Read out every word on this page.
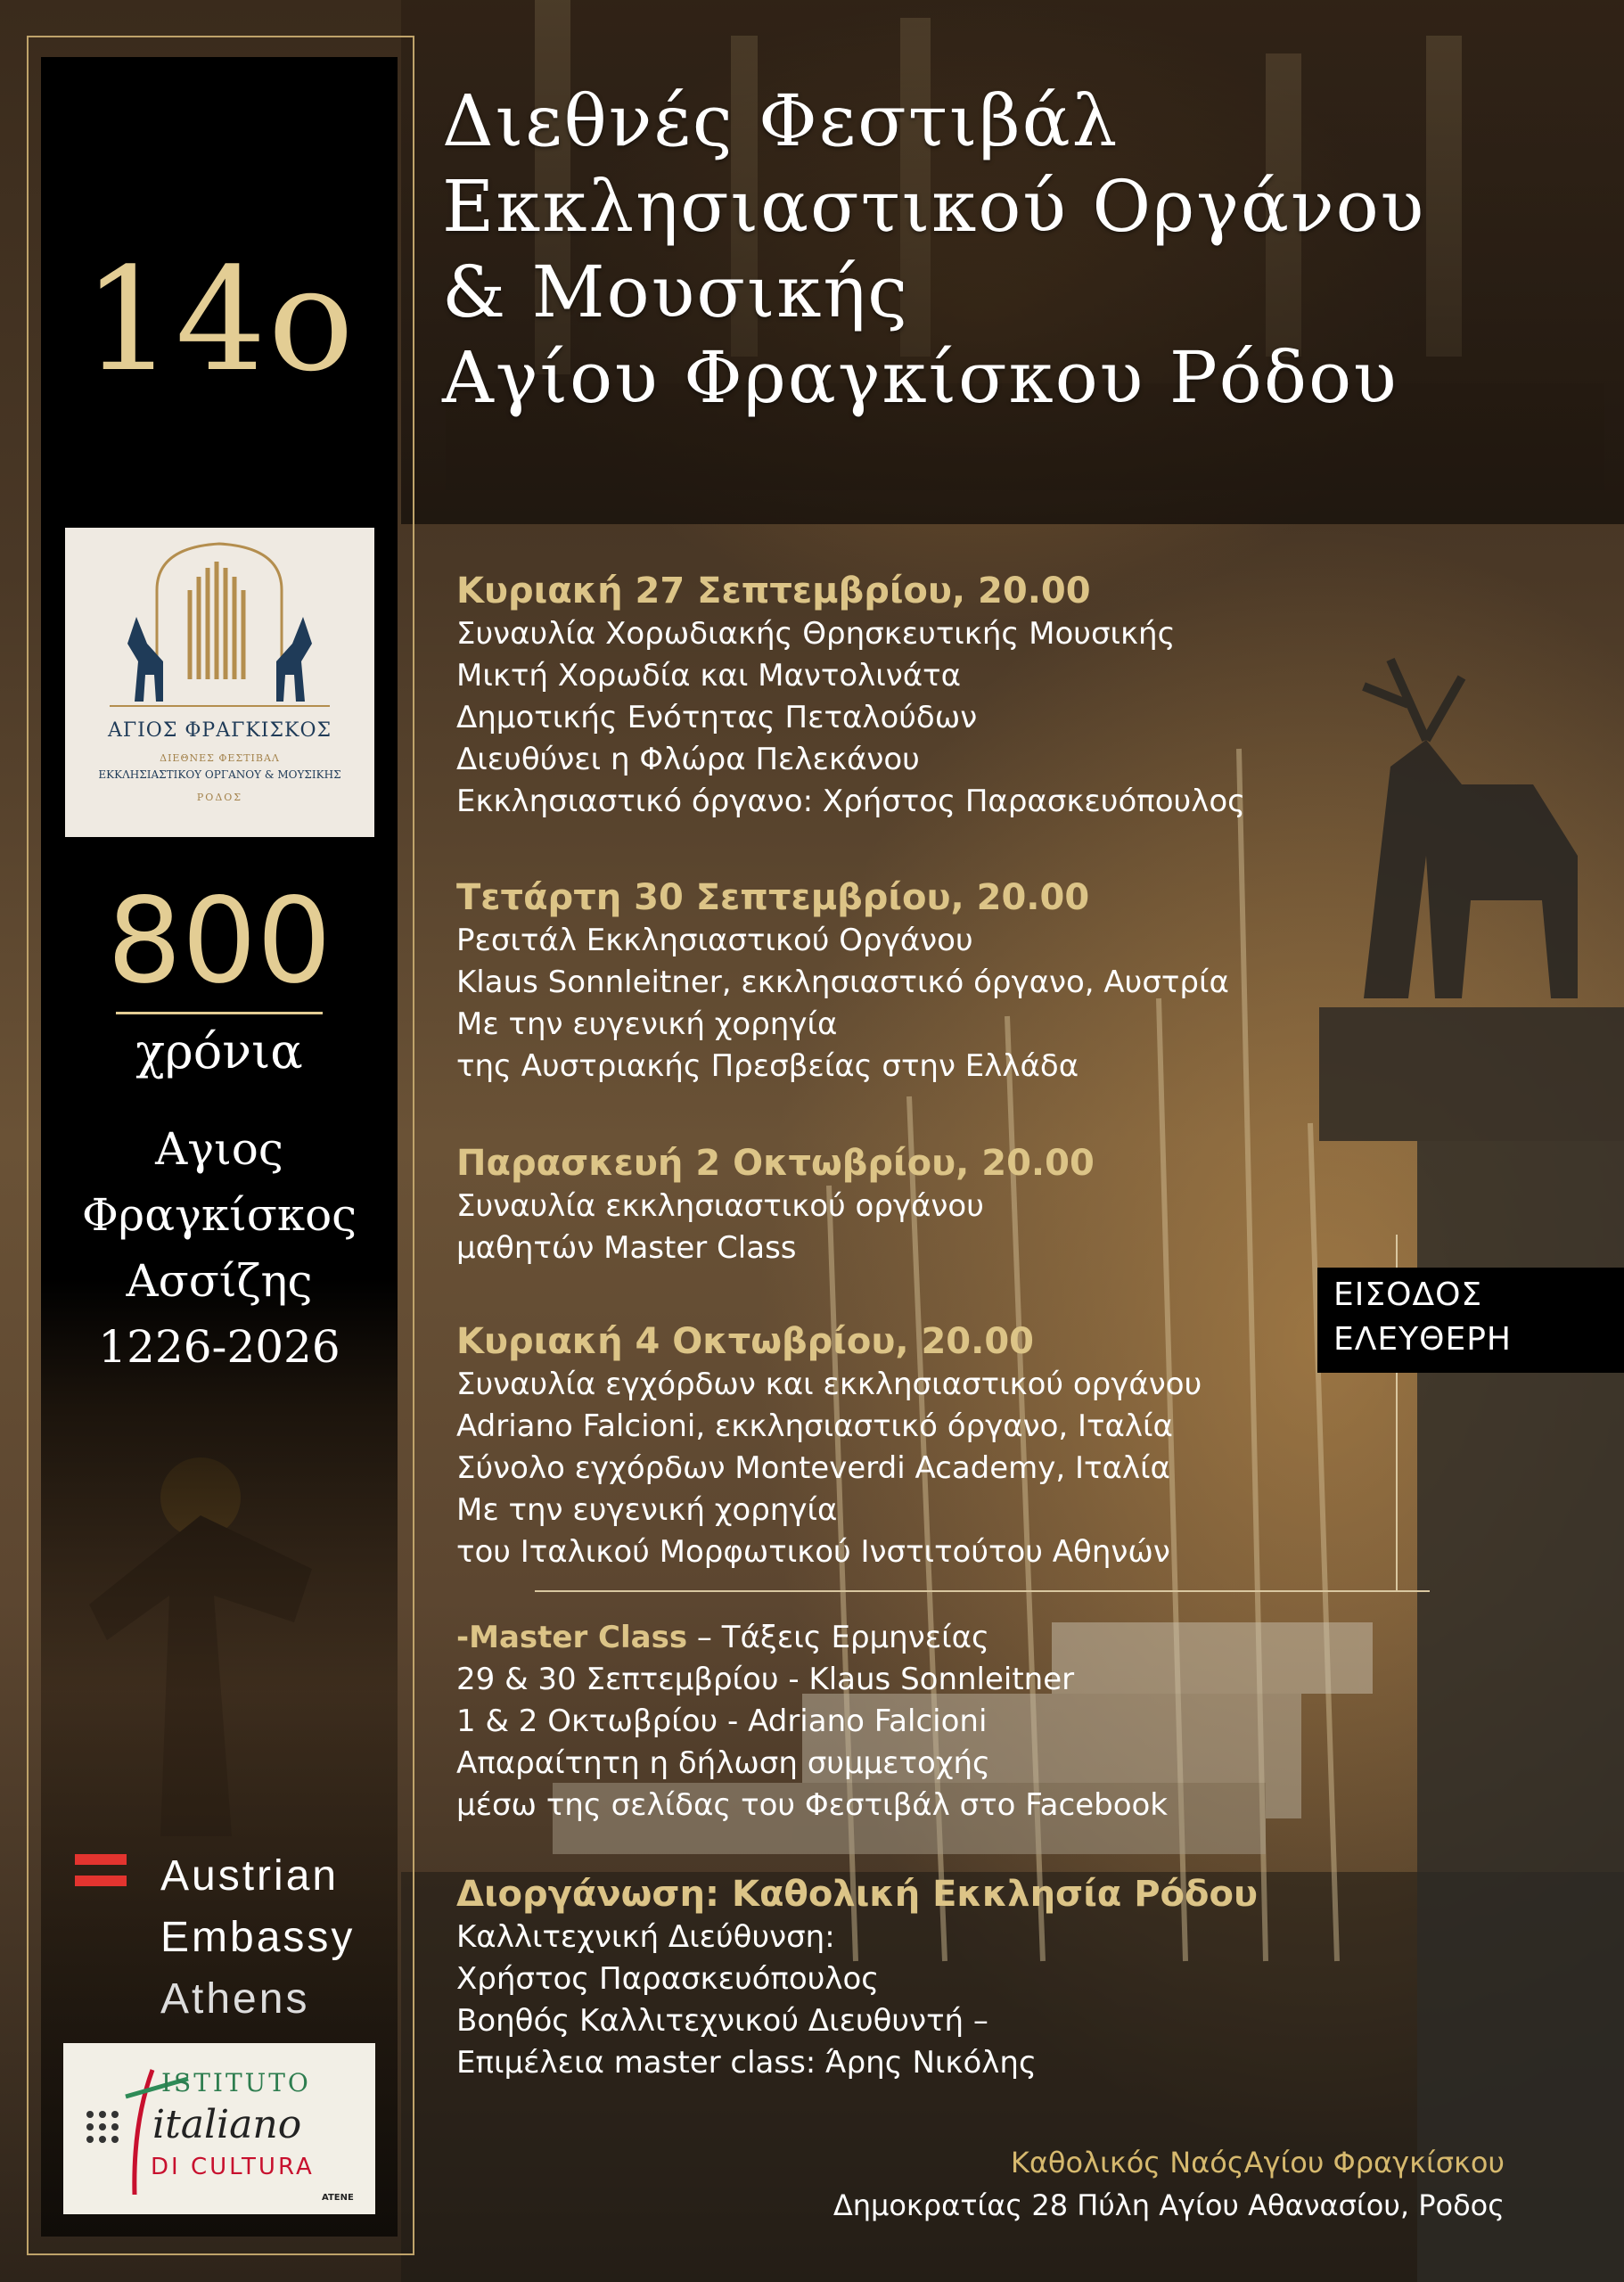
14ο
ΑΓΙΟΣ ΦΡΑΓΚΙΣΚΟΣ
ΔΙΕΘΝΕΣ ΦΕΣΤΙΒΑΛ
ΕΚΚΛΗΣΙΑΣΤΙΚΟΥ ΟΡΓΑΝΟΥ & ΜΟΥΣΙΚΗΣ
ΡΟΔΟΣ
800
χρόνια
Αγιος
Φραγκίσκος
Ασσίζης
1226-2026
Austrian
Embassy
Athens
ISTITUTO
italiano
DI CULTURA
ATENE
Διεθνές Φεστιβάλ
Εκκλησιαστικού Οργάνου
& Μουσικής
Αγίου Φραγκίσκου Ρόδου
Κυριακή 27 Σεπτεμβρίου, 20.00
Συναυλία Χορωδιακής Θρησκευτικής Μουσικής
Μικτή Χορωδία και Μαντολινάτα
Δημοτικής Ενότητας Πεταλούδων
Διευθύνει η Φλώρα Πελεκάνου
Εκκλησιαστικό όργανο: Χρήστος Παρασκευόπουλος
Τετάρτη 30 Σεπτεμβρίου, 20.00
Ρεσιτάλ Εκκλησιαστικού Οργάνου
Klaus Sonnleitner, εκκλησιαστικό όργανο, Αυστρία
Με την ευγενική χορηγία
της Αυστριακής Πρεσβείας στην Ελλάδα
Παρασκευή 2 Οκτωβρίου, 20.00
Συναυλία εκκλησιαστικού οργάνου
μαθητών Master Class
Κυριακή 4 Οκτωβρίου, 20.00
Συναυλία εγχόρδων και εκκλησιαστικού οργάνου
Adriano Falcioni, εκκλησιαστικό όργανο, Ιταλία
Σύνολο εγχόρδων Monteverdi Academy, Ιταλία
Με την ευγενική χορηγία
του Ιταλικού Μορφωτικού Ινστιτούτου Αθηνών
ΕΙΣΟΔΟΣ
ΕΛΕΥΘΕΡΗ
-Master Class – Τάξεις Ερμηνείας
29 & 30 Σεπτεμβρίου - Klaus Sonnleitner
1 & 2 Οκτωβρίου - Adriano Falcioni
Απαραίτητη η δήλωση συμμετοχής
μέσω της σελίδας του Φεστιβάλ στο Facebook
Διοργάνωση: Καθολική Εκκλησία Ρόδου
Καλλιτεχνική Διεύθυνση:
Χρήστος Παρασκευόπουλος
Βοηθός Καλλιτεχνικού Διευθυντή –
Επιμέλεια master class: Άρης Νικόλης
Καθολικός ΝαόςΑγίου Φραγκίσκου
Δημοκρατίας 28 Πύλη Αγίου Αθανασίου, Ροδος
